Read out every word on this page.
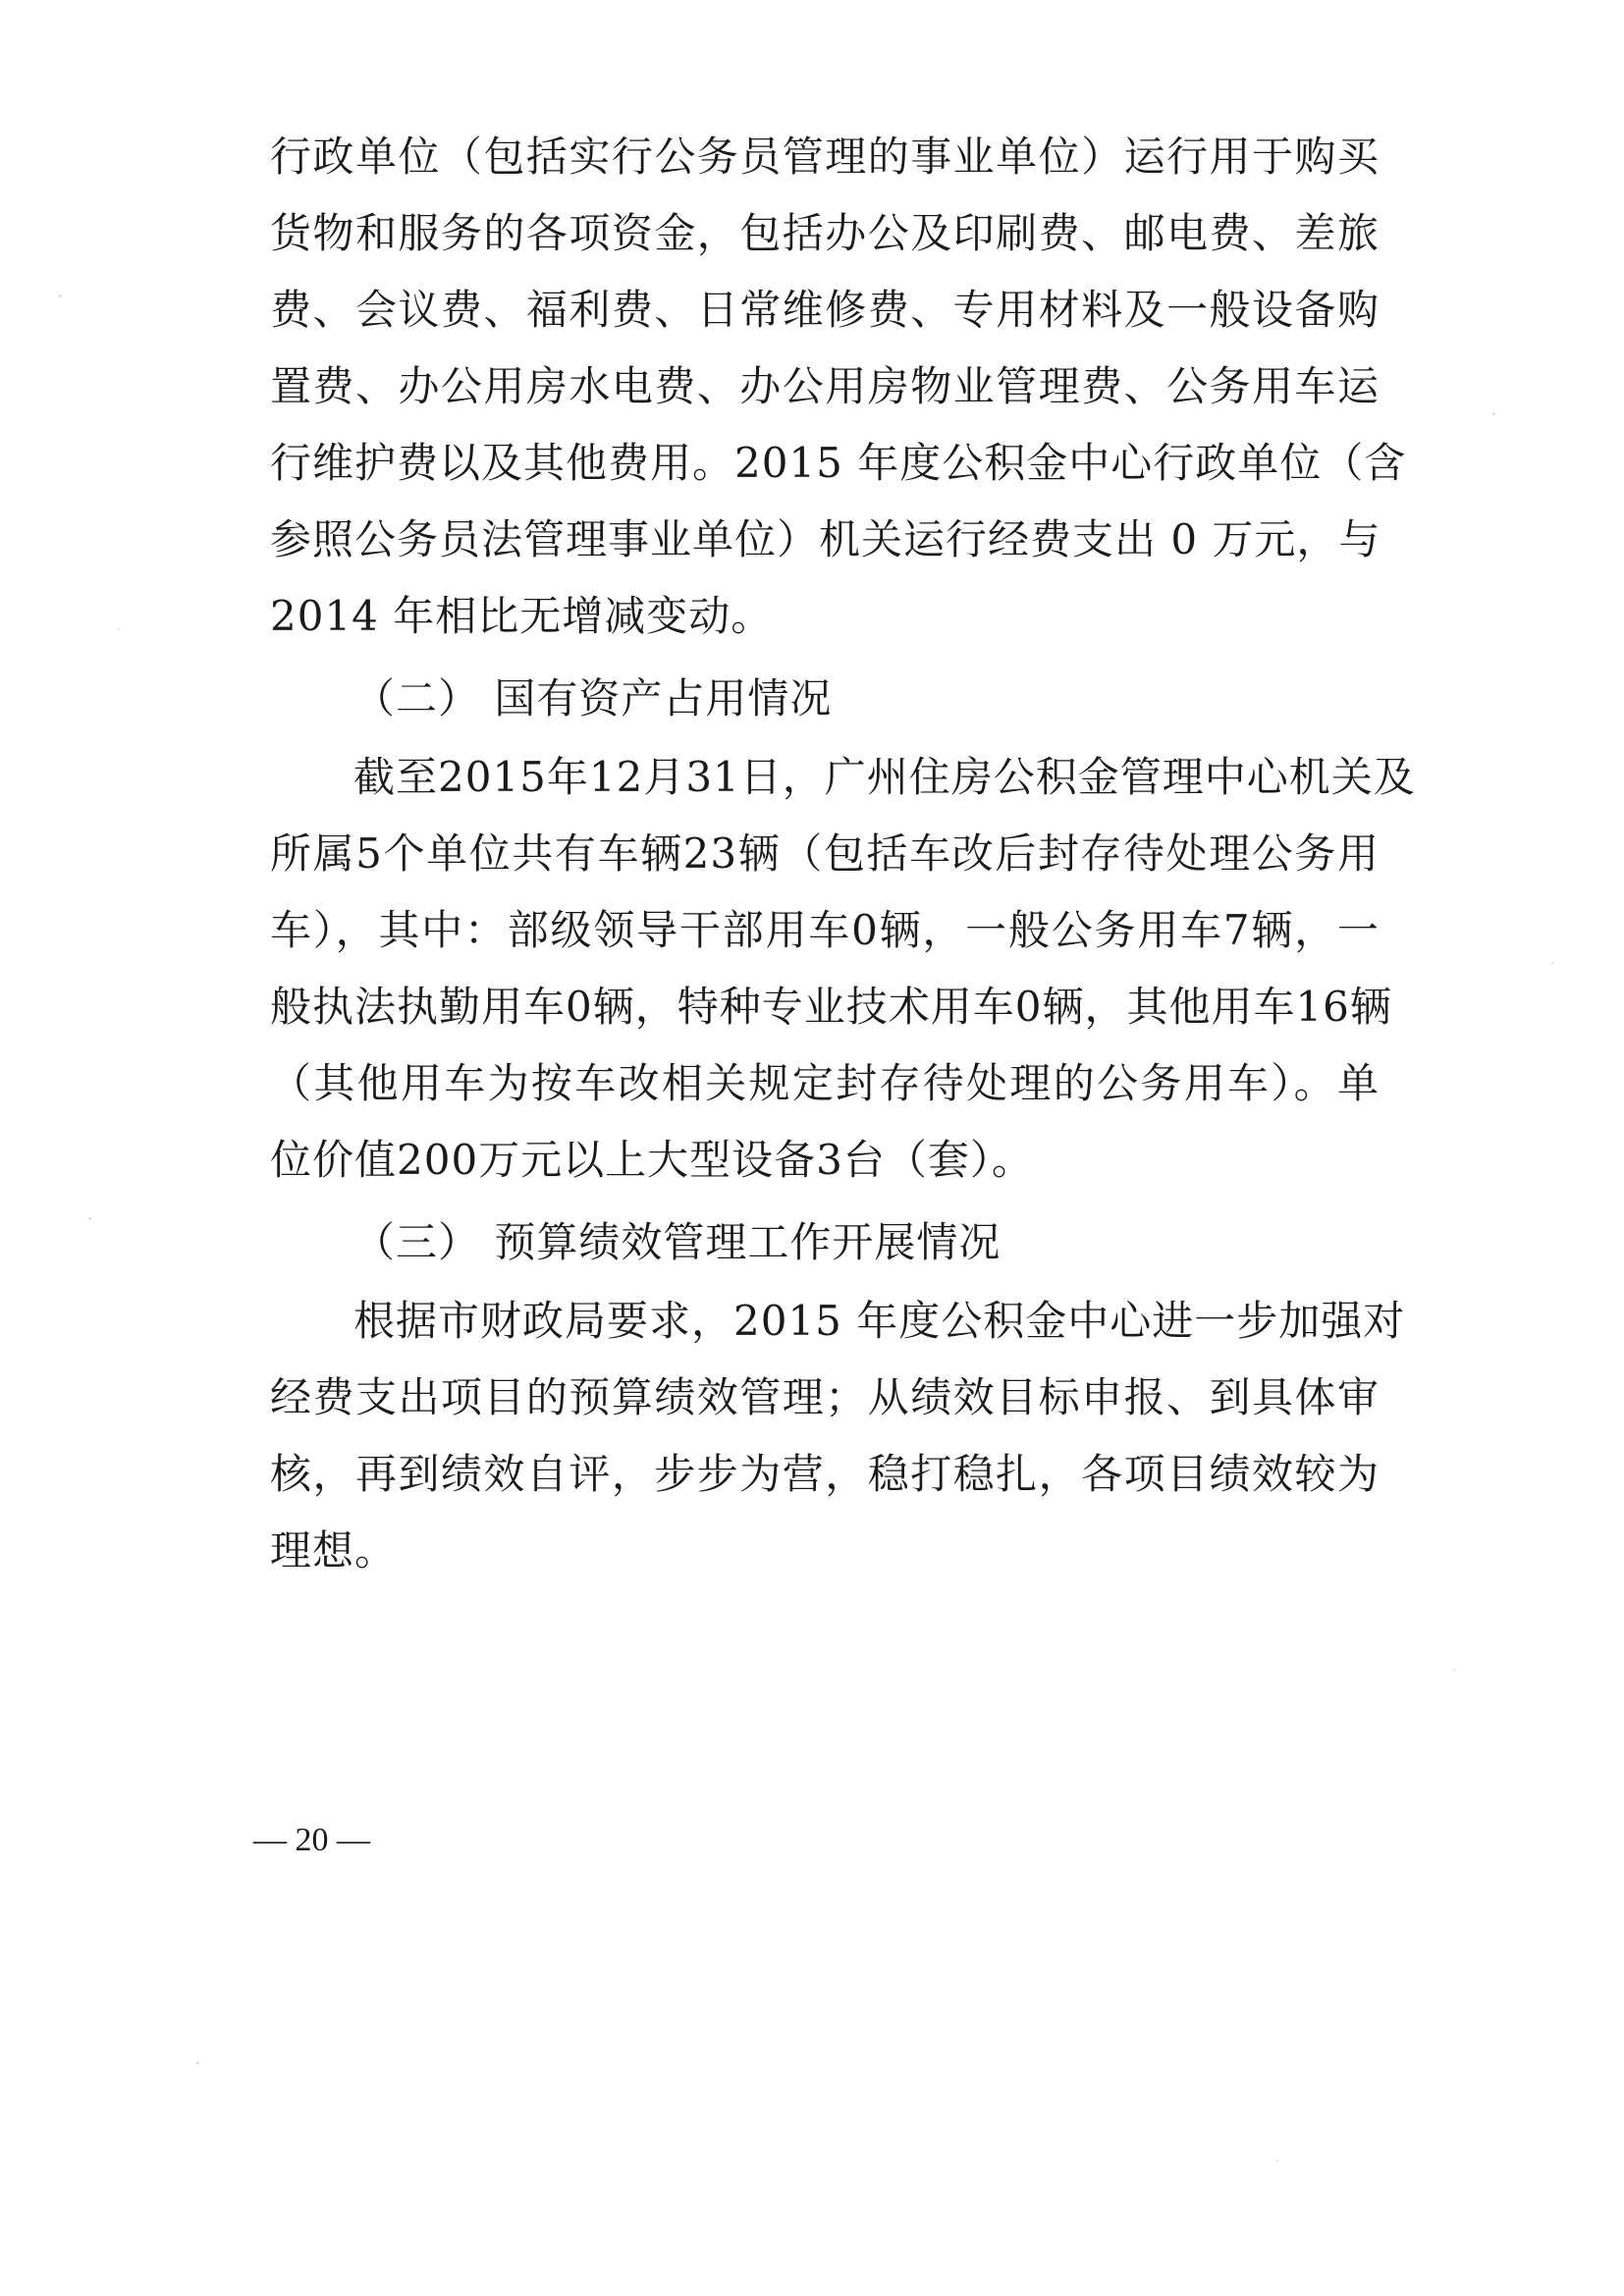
行政单位（包括实行公务员管理的事业单位）运行用于购买
货物和服务的各项资金，包括办公及印刷费、邮电费、差旅
费、会议费、福利费、日常维修费、专用材料及一般设备购
置费、办公用房水电费、办公用房物业管理费、公务用车运
行维护费以及其他费用。2015 年度公积金中心行政单位（含
参照公务员法管理事业单位）机关运行经费支出 0 万元，与
2014 年相比无增减变动。
（二） 国有资产占用情况
截至2015年12月31日，广州住房公积金管理中心机关及
所属5个单位共有车辆23辆（包括车改后封存待处理公务用
车），其中：部级领导干部用车0辆，一般公务用车7辆，一
般执法执勤用车0辆，特种专业技术用车0辆，其他用车16辆
（其他用车为按车改相关规定封存待处理的公务用车）。单
位价值200万元以上大型设备3台（套）。
（三） 预算绩效管理工作开展情况
根据市财政局要求，2015 年度公积金中心进一步加强对
经费支出项目的预算绩效管理；从绩效目标申报、到具体审
核，再到绩效自评，步步为营，稳打稳扎，各项目绩效较为
理想。
— 20 —
